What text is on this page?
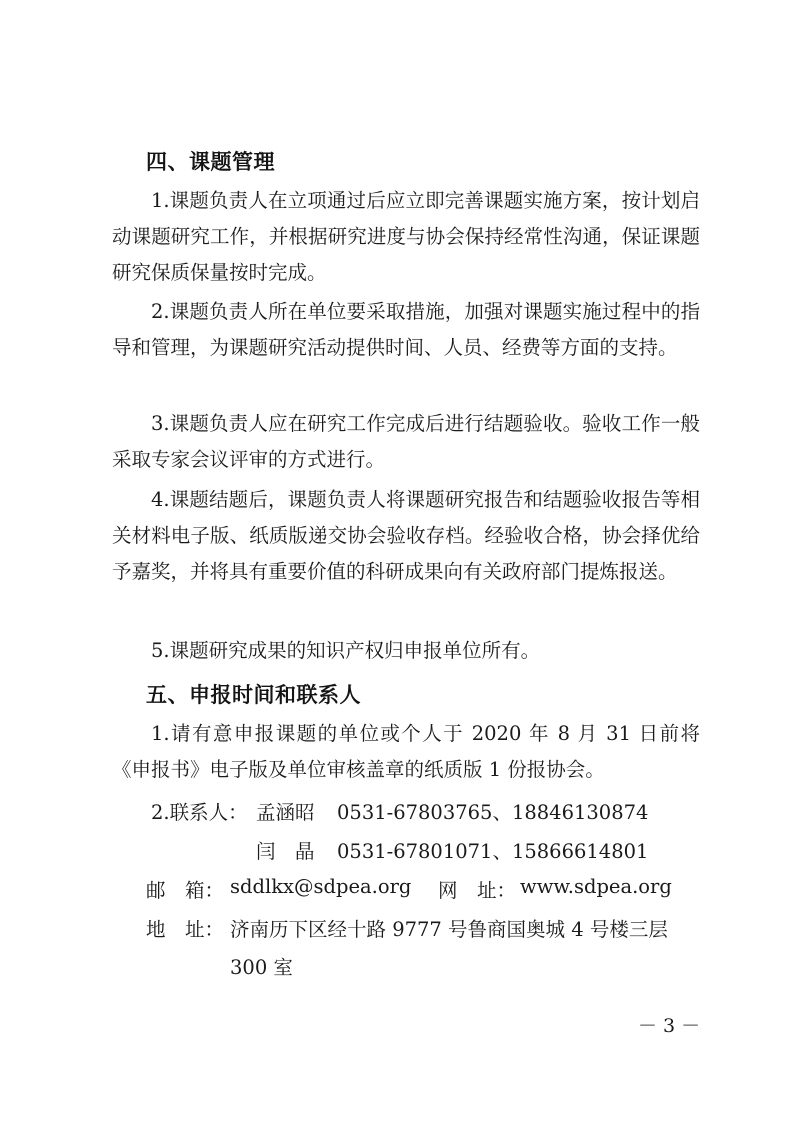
四、课题管理
1.课题负责人在立项通过后应立即完善课题实施方案，按计划启动课题研究工作，并根据研究进度与协会保持经常性沟通，保证课题研究保质保量按时完成。
2.课题负责人所在单位要采取措施，加强对课题实施过程中的指导和管理，为课题研究活动提供时间、人员、经费等方面的支持。
3.课题负责人应在研究工作完成后进行结题验收。验收工作一般采取专家会议评审的方式进行。
4.课题结题后，课题负责人将课题研究报告和结题验收报告等相关材料电子版、纸质版递交协会验收存档。经验收合格，协会择优给予嘉奖，并将具有重要价值的科研成果向有关政府部门提炼报送。
5.课题研究成果的知识产权归申报单位所有。
五、申报时间和联系人
1.请有意申报课题的单位或个人于 2020 年 8 月 31 日前将《申报书》电子版及单位审核盖章的纸质版 1 份报协会。
2.联系人： 孟涵昭 0531-67803765、18846130874
闫　晶 0531-67801071、15866614801
邮　箱： sddlkx@sdpea.org 网　址： www.sdpea.org
地　址： 济南历下区经十路 9777 号鲁商国奥城 4 号楼三层
300 室
－ 3 －
